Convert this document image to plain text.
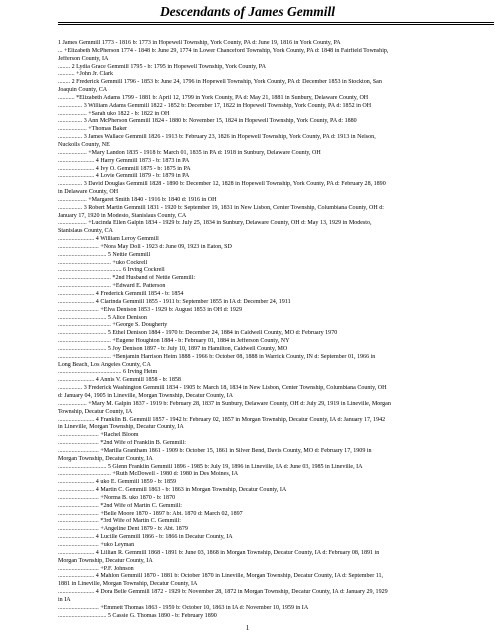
Descendants of James Gemmill
1 James Gemmill 1773 - 1816 b: 1773 in Hopewell Township, York County, PA d: June 19, 1816 in York County, PA
... +Elizabeth McPherson 1774 - 1848 b: June 29, 1774 in Lower Chanceford Township, York County, PA d: 1848 in Fairfield Township,
Jefferson County, IA
........ 2 Lydia Grace Gemmill 1795 - b: 1795 in Hopewell Township, York County, PA
........... +John Jr. Clark
........ 2 Frederick Gemmill 1796 - 1853 b: June 24, 1796 in Hopewell Township, York County, PA d: December 1853 in Stockton, San
Joaquin County, CA
........... *Elizabeth Adams 1799 - 1881 b: April 12, 1799 in York County, PA d: May 21, 1881 in Sunbury, Delaware County, OH
................ 3 William Adams Gemmill 1822 - 1852 b: December 17, 1822 in Hopewell Township, York County, PA d: 1852 in OH
................... +Sarah uko 1822 - b: 1822 in OH
................ 3 Ann McPherson Gemmill 1824 - 1880 b: November 15, 1824 in Hopewell Township, York County, PA d: 1880
................... +Thomas Baker
................ 3 James Wallace Gemmill 1826 - 1913 b: February 23, 1826 in Hopewell Township, York County, PA d: 1913 in Nelson,
Nuckolls County, NE
................... +Mary Landon 1835 - 1918 b: March 01, 1835 in PA d: 1918 in Sunbury, Delaware County, OH
........................ 4 Harry Gemmill 1873 - b: 1873 in PA
........................ 4 Ivy O. Gemmill 1875 - b: 1875 in PA
........................ 4 Lovie Gemmill 1879 - b: 1879 in PA
................ 3 David Douglas Gemmill 1828 - 1890 b: December 12, 1828 in Hopewell Township, York County, PA d: February 28, 1890
in Delaware County, OH
................... +Margaret Smith 1840 - 1916 b: 1840 d: 1916 in OH
................ 3 Robert Martin Gemmill 1831 - 1920 b: September 19, 1831 in New Lisbon, Center Township, Columbiana County, OH d:
January 17, 1920 in Modesto, Stanislaus County, CA
................... +Lucinda Ellen Galpin 1834 - 1929 b: July 25, 1834 in Sunbury, Delaware County, OH d: May 13, 1929 in Modesto,
Stanislaus County, CA
........................ 4 William Leroy Gemmill
........................... +Nora May Doll - 1923 d: June 09, 1923 in Eaton, SD
................................ 5 Nettie Gemmill
................................... +uko Cockrell
.......................................... 6 Irving Cockrell
................................... *2nd Husband of Nettie Gemmill:
................................... +Edward E. Patterson
........................ 4 Frederick Gemmill 1854 - b: 1854
........................ 4 Clarinda Gemmill 1855 - 1911 b: September 1855 in IA d: December 24, 1911
........................... +Elva Denison 1853 - 1929 b: August 1853 in OH d: 1929
................................ 5 Alice Denison
................................... +George S. Dougherty
................................ 5 Ethel Denison 1884 - 1970 b: December 24, 1884 in Caldwell County, MO d: February 1970
................................... +Eugene Houghton 1884 - b: February 01, 1884 in Jefferson County, NY
................................ 5 Joy Denison 1897 - b: July 10, 1897 in Hamilton, Caldwell County, MO
................................... +Benjamin Harrison Heim 1888 - 1966 b: October 08, 1888 in Warrick County, IN d: September 01, 1966 in
Long Beach, Los Angeles County, CA
.......................................... 6 Irving Heim
........................ 4 Annis V. Gemmill 1858 - b: 1858
................ 3 Frederick Washington Gemmill 1834 - 1905 b: March 18, 1834 in New Lisbon, Center Township, Columbiana County, OH
d: January 04, 1905 in Lineville, Morgan Township, Decatur County, IA
................... +Mary M. Galpin 1837 - 1919 b: February 28, 1837 in Sunbury, Delaware County, OH d: July 29, 1919 in Lineville, Morgan
Township, Decatur County, IA
........................ 4 Franklin B. Gemmill 1857 - 1942 b: February 02, 1857 in Morgan Township, Decatur County, IA d: January 17, 1942
in Lineville, Morgan Township, Decatur County, IA
........................... +Rachel Bloom
........................... *2nd Wife of Franklin B. Gemmill:
........................... +Marilla Grantham 1861 - 1909 b: October 15, 1861 in Silver Bend, Davis County, MO d: February 17, 1909 in
Morgan Township, Decatur County, IA
................................ 5 Glenn Franklin Gemmill 1896 - 1985 b: July 19, 1896 in Lineville, IA d: June 03, 1985 in Lineville, IA
................................... +Ruth McDowell - 1980 d: 1980 in Des Moines, IA
........................ 4 uko E. Gemmill 1859 - b: 1859
........................ 4 Martin C. Gemmill 1863 - b: 1863 in Morgan Township, Decatur County, IA
........................... +Norma B. uko 1870 - b: 1870
........................... *2nd Wife of Martin C. Gemmill:
........................... +Belle Moore 1870 - 1897 b: Abt. 1870 d: March 02, 1897
........................... *3rd Wife of Martin C. Gemmill:
........................... +Angeline Dent 1879 - b: Abt. 1879
........................ 4 Lucille Gemmill 1866 - b: 1866 in Decatur County, IA
........................... +uko Leyman
........................ 4 Lillian R. Gemmill 1868 - 1891 b: June 03, 1868 in Morgan Township, Decatur County, IA d: February 08, 1891 in
Morgan Township, Decatur County, IA
........................... +P.F. Johnson
........................ 4 Mahlon Gemmill 1870 - 1881 b: October 1870 in Lineville, Morgan Township, Decatur County, IA d: September 11,
1881 in Lineville, Morgan Township, Decatur County, IA
........................ 4 Dora Belle Gemmill 1872 - 1929 b: November 28, 1872 in Morgan Township, Decatur County, IA d: January 29, 1929
in IA
........................... +Emmett Thomas 1863 - 1959 b: October 10, 1863 in IA d: November 10, 1959 in IA
................................ 5 Cassie G. Thomas 1890 - b: February 1890
1
